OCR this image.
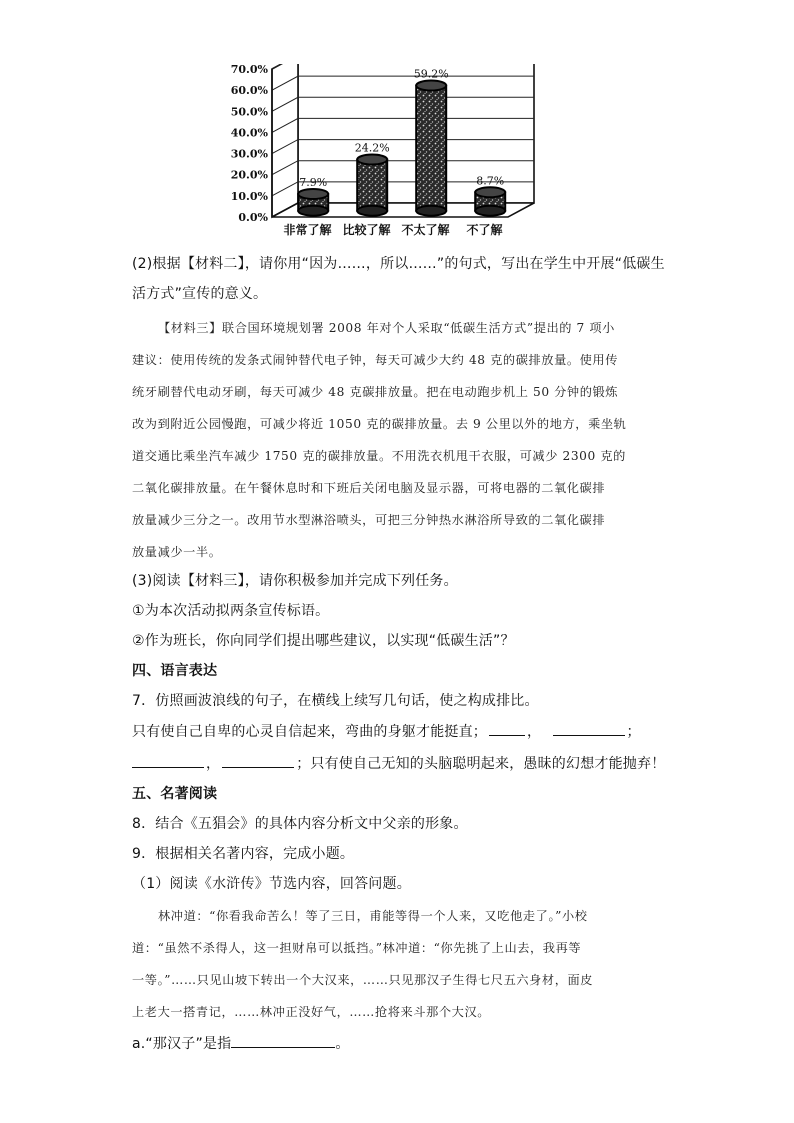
0.0%
10.0%
20.0%
30.0%
40.0%
50.0%
60.0%
70.0%
7.9%
非常了解
24.2%
比较了解
59.2%
不太了解
8.7%
不了解
(2)根据【材料二】，请你用“因为……，所以……”的句式，写出在学生中开展“低碳生
活方式”宣传的意义。
【材料三】联合国环境规划署 2008 年对个人采取“低碳生活方式”提出的 7 项小
建议：使用传统的发条式闹钟替代电子钟，每天可减少大约 48 克的碳排放量。使用传
统牙刷替代电动牙刷，每天可减少 48 克碳排放量。把在电动跑步机上 50 分钟的锻炼
改为到附近公园慢跑，可减少将近 1050 克的碳排放量。去 9 公里以外的地方，乘坐轨
道交通比乘坐汽车减少 1750 克的碳排放量。不用洗衣机甩干衣服，可减少 2300 克的
二氧化碳排放量。在午餐休息时和下班后关闭电脑及显示器，可将电器的二氧化碳排
放量减少三分之一。改用节水型淋浴喷头，可把三分钟热水淋浴所导致的二氧化碳排
放量减少一半。
(3)阅读【材料三】，请你积极参加并完成下列任务。
①为本次活动拟两条宣传标语。
②作为班长，你向同学们提出哪些建议，以实现“低碳生活”？
四、语言表达
7．仿照画波浪线的句子，在横线上续写几句话，使之构成排比。
只有使自己自卑的心灵自信起来，弯曲的身躯才能挺直；	，	；
，	；只有使自己无知的头脑聪明起来，愚昧的幻想才能抛弃！
五、名著阅读
8．结合《五猖会》的具体内容分析文中父亲的形象。
9．根据相关名著内容，完成小题。
（1）阅读《水浒传》节选内容，回答问题。
林冲道：“你看我命苦么！等了三日，甫能等得一个人来，又吃他走了。”小校
道：“虽然不杀得人，这一担财帛可以抵挡。”林冲道：“你先挑了上山去，我再等
一等。”……只见山坡下转出一个大汉来，……只见那汉子生得七尺五六身材，面皮
上老大一搭青记，……林冲正没好气，……抢将来斗那个大汉。
a.“那汉子”是指	。
